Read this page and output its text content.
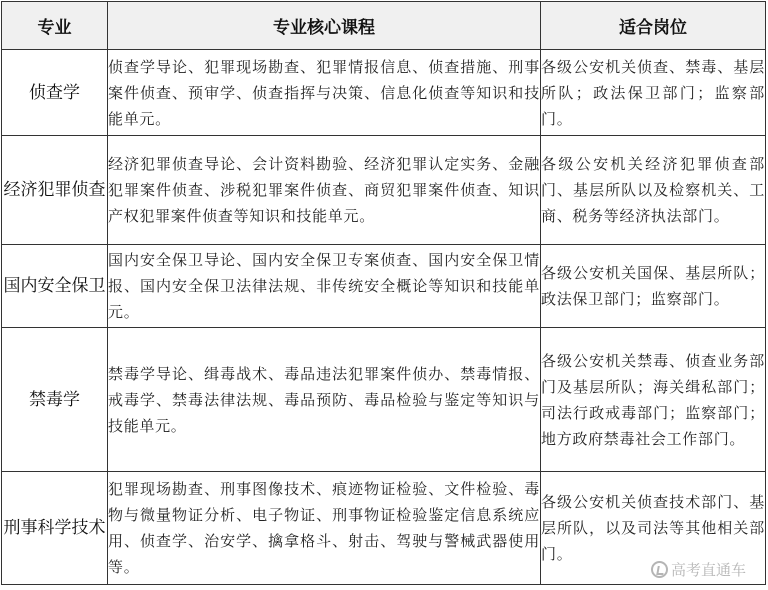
专业	专业核心课程	适合岗位
侦查学	侦查学导论、犯罪现场勘查、犯罪情报信息、侦查措施、刑事案件侦查、预审学、侦查指挥与决策、信息化侦查等知识和技能单元。	各级公安机关侦查、禁毒、基层所队；政法保卫部门；监察部门。
经济犯罪侦查	经济犯罪侦查导论、会计资料勘验、经济犯罪认定实务、金融犯罪案件侦查、涉税犯罪案件侦查、商贸犯罪案件侦查、知识产权犯罪案件侦查等知识和技能单元。	各级公安机关经济犯罪侦查部门、基层所队以及检察机关、工商、税务等经济执法部门。
国内安全保卫	国内安全保卫导论、国内安全保卫专案侦查、国内安全保卫情报、国内安全保卫法律法规、非传统安全概论等知识和技能单元。	各级公安机关国保、基层所队；政法保卫部门；监察部门。
禁毒学	禁毒学导论、缉毒战术、毒品违法犯罪案件侦办、禁毒情报、戒毒学、禁毒法律法规、毒品预防、毒品检验与鉴定等知识与技能单元。	各级公安机关禁毒、侦查业务部门及基层所队；海关缉私部门；司法行政戒毒部门；监察部门；地方政府禁毒社会工作部门。
刑事科学技术	犯罪现场勘查、刑事图像技术、痕迹物证检验、文件检验、毒物与微量物证分析、电子物证、刑事物证检验鉴定信息系统应用、侦查学、治安学、擒拿格斗、射击、驾驶与警械武器使用等。	各级公安机关侦查技术部门、基层所队，以及司法等其他相关部门。
高考直通车
